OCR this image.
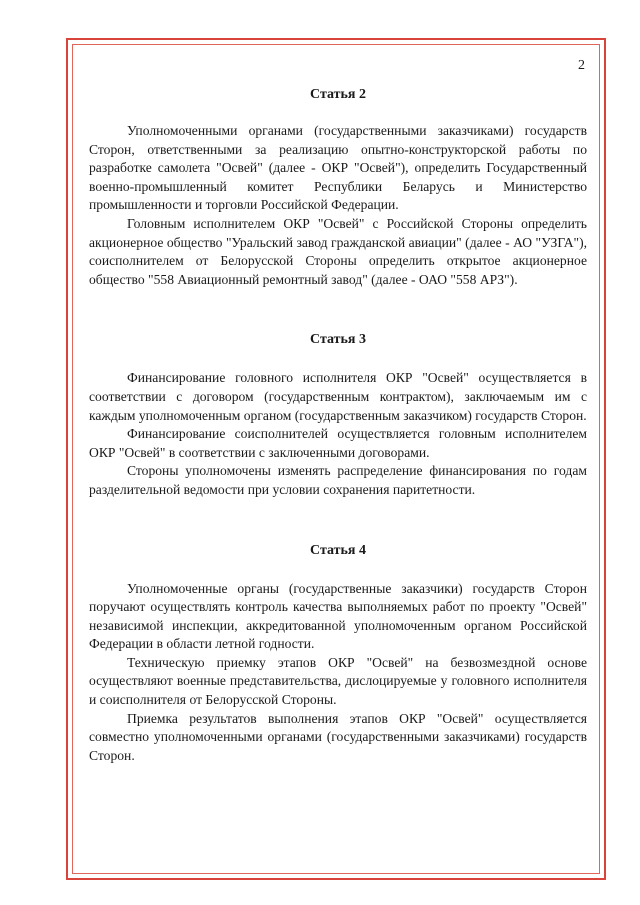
2
Статья 2

Уполномоченными органами (государственными заказчиками) государств Сторон, ответственными за реализацию опытно-конструкторской работы по разработке самолета "Освей" (далее - ОКР "Освей"), определить Государственный военно-промышленный комитет Республики Беларусь и Министерство промышленности и торговли Российской Федерации.

Головным исполнителем ОКР "Освей" с Российской Стороны определить акционерное общество "Уральский завод гражданской авиации" (далее - АО "УЗГА"), соисполнителем от Белорусской Стороны определить открытое акционерное общество "558 Авиационный ремонтный завод" (далее - ОАО "558 АРЗ").

Статья 3

Финансирование головного исполнителя ОКР "Освей" осуществляется в соответствии с договором (государственным контрактом), заключаемым им с каждым уполномоченным органом (государственным заказчиком) государств Сторон.

Финансирование соисполнителей осуществляется головным исполнителем ОКР "Освей" в соответствии с заключенными договорами.

Стороны уполномочены изменять распределение финансирования по годам разделительной ведомости при условии сохранения паритетности.

Статья 4

Уполномоченные органы (государственные заказчики) государств Сторон поручают осуществлять контроль качества выполняемых работ по проекту "Освей" независимой инспекции, аккредитованной уполномоченным органом Российской Федерации в области летной годности.

Техническую приемку этапов ОКР "Освей" на безвозмездной основе осуществляют военные представительства, дислоцируемые у головного исполнителя и соисполнителя от Белорусской Стороны.

Приемка результатов выполнения этапов ОКР "Освей" осуществляется совместно уполномоченными органами (государственными заказчиками) государств Сторон.
